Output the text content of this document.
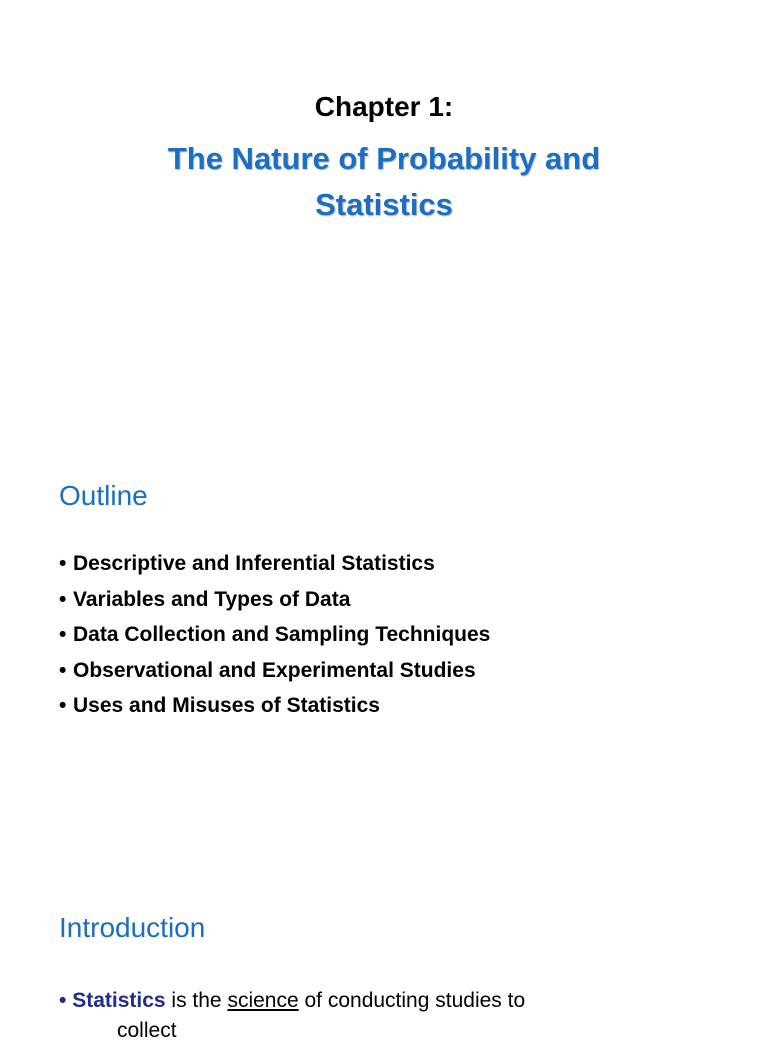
Chapter 1:
The Nature of Probability and
Statistics
Outline
• Descriptive and Inferential Statistics
• Variables and Types of Data
• Data Collection and Sampling Techniques
• Observational and Experimental Studies
• Uses and Misuses of Statistics
Introduction
• Statistics is the science of conducting studies to
collect
